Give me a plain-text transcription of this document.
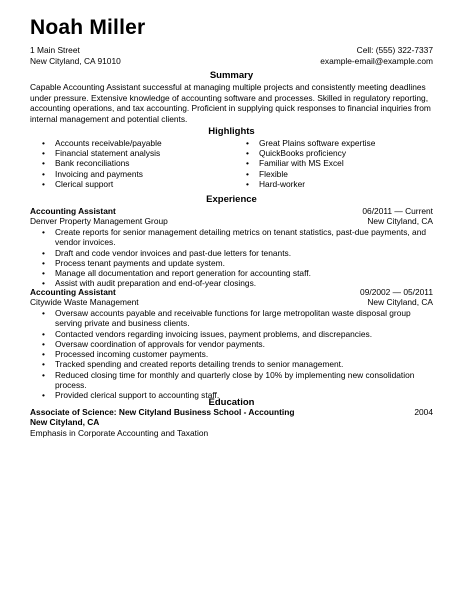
Noah Miller
1 Main Street
New Cityland, CA 91010
Cell: (555) 322-7337
example-email@example.com
Summary
Capable Accounting Assistant successful at managing multiple projects and consistently meeting deadlines under pressure. Extensive knowledge of accounting software and processes. Skilled in regulatory reporting, accounting operations, and tax accounting. Proficient in supplying quick responses to financial inquiries from internal management and potential clients.
Highlights
• Accounts receivable/payable
• Financial statement analysis
• Bank reconciliations
• Invoicing and payments
• Clerical support
• Great Plains software expertise
• QuickBooks proficiency
• Familiar with MS Excel
• Flexible
• Hard-worker
Experience
Accounting Assistant	06/2011 — Current
Denver Property Management Group	New Cityland, CA
• Create reports for senior management detailing metrics on tenant statistics, past-due payments, and vendor invoices.
• Draft and code vendor invoices and past-due letters for tenants.
• Process tenant payments and update system.
• Manage all documentation and report generation for accounting staff.
• Assist with audit preparation and end-of-year closings.
Accounting Assistant	09/2002 — 05/2011
Citywide Waste Management	New Cityland, CA
• Oversaw accounts payable and receivable functions for large metropolitan waste disposal group serving private and business clients.
• Contacted vendors regarding invoicing issues, payment problems, and discrepancies.
• Oversaw coordination of approvals for vendor payments.
• Processed incoming customer payments.
• Tracked spending and created reports detailing trends to senior management.
• Reduced closing time for monthly and quarterly close by 10% by implementing new consolidation process.
• Provided clerical support to accounting staff.
Education
Associate of Science: New Cityland Business School - Accounting	2004
New Cityland, CA
Emphasis in Corporate Accounting and Taxation
